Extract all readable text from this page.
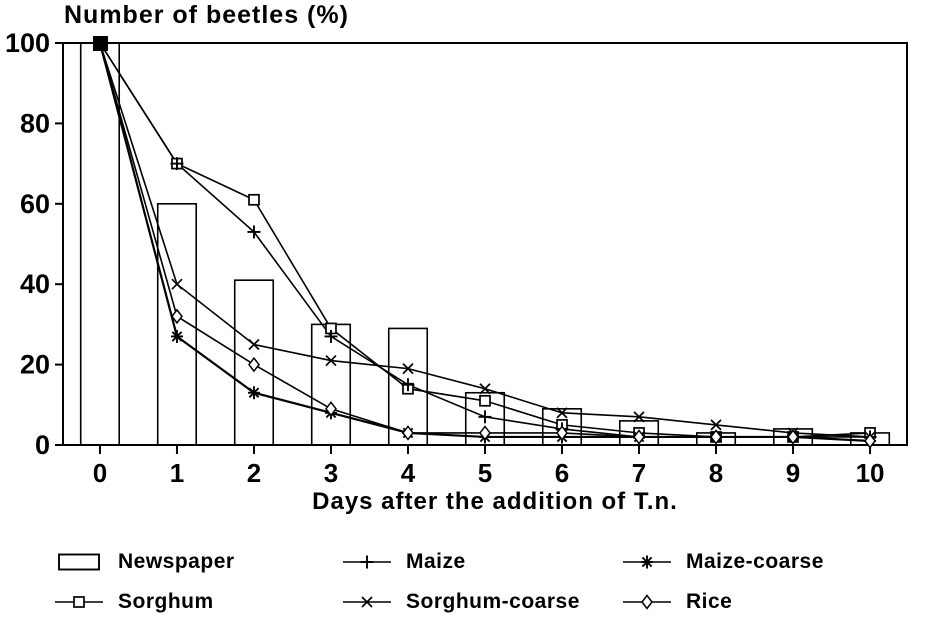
Number of beetles (%)
0
20
40
60
80
100
0 1 2 3 4 5 6 7 8 9 10
Days after the addition of T.n.
Newspaper	Maize	Maize-coarse
Sorghum	Sorghum-coarse	Rice
